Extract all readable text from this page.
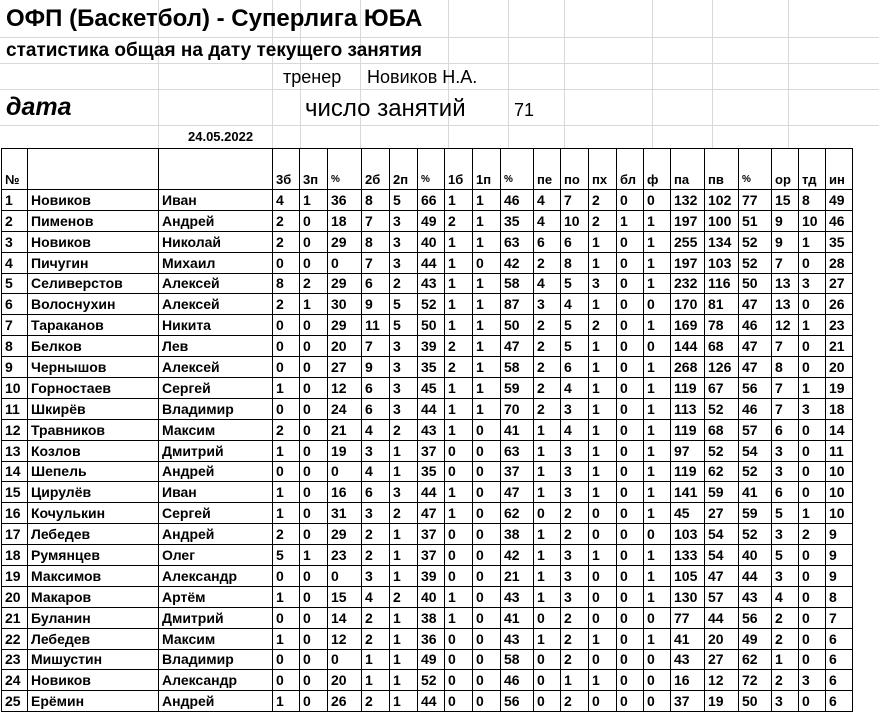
ОФП (Баскетбол) - Суперлига ЮБА
статистика общая на дату текущего занятия
тренер Новиков Н.А.
дата	число занятий	71
24.05.2022
№			3б	3п	%	2б	2п	%	1б	1п	%	пе	по	пх	бл	ф	па	пв	%	ор	тд	ин
1	Новиков	Иван	4	1	36	8	5	66	1	1	46	4	7	2	0	0	132	102	77	15	8	49
2	Пименов	Андрей	2	0	18	7	3	49	2	1	35	4	10	2	1	1	197	100	51	9	10	46
3	Новиков	Николай	2	0	29	8	3	40	1	1	63	6	6	1	0	1	255	134	52	9	1	35
4	Пичугин	Михаил	0	0	0	7	3	44	1	0	42	2	8	1	0	1	197	103	52	7	0	28
5	Селиверстов	Алексей	8	2	29	6	2	43	1	1	58	4	5	3	0	1	232	116	50	13	3	27
6	Волоснухин	Алексей	2	1	30	9	5	52	1	1	87	3	4	1	0	0	170	81	47	13	0	26
7	Тараканов	Никита	0	0	29	11	5	50	1	1	50	2	5	2	0	1	169	78	46	12	1	23
8	Белков	Лев	0	0	20	7	3	39	2	1	47	2	5	1	0	0	144	68	47	7	0	21
9	Чернышов	Алексей	0	0	27	9	3	35	2	1	58	2	6	1	0	1	268	126	47	8	0	20
10	Горностаев	Сергей	1	0	12	6	3	45	1	1	59	2	4	1	0	1	119	67	56	7	1	19
11	Шкирёв	Владимир	0	0	24	6	3	44	1	1	70	2	3	1	0	1	113	52	46	7	3	18
12	Травников	Максим	2	0	21	4	2	43	1	0	41	1	4	1	0	1	119	68	57	6	0	14
13	Козлов	Дмитрий	1	0	19	3	1	37	0	0	63	1	3	1	0	1	97	52	54	3	0	11
14	Шепель	Андрей	0	0	0	4	1	35	0	0	37	1	3	1	0	1	119	62	52	3	0	10
15	Цирулёв	Иван	1	0	16	6	3	44	1	0	47	1	3	1	0	1	141	59	41	6	0	10
16	Кочулькин	Сергей	1	0	31	3	2	47	1	0	62	0	2	0	0	1	45	27	59	5	1	10
17	Лебедев	Андрей	2	0	29	2	1	37	0	0	38	1	2	0	0	0	103	54	52	3	2	9
18	Румянцев	Олег	5	1	23	2	1	37	0	0	42	1	3	1	0	1	133	54	40	5	0	9
19	Максимов	Александр	0	0	0	3	1	39	0	0	21	1	3	0	0	1	105	47	44	3	0	9
20	Макаров	Артём	1	0	15	4	2	40	1	0	43	1	3	0	0	1	130	57	43	4	0	8
21	Буланин	Дмитрий	0	0	14	2	1	38	1	0	41	0	2	0	0	0	77	44	56	2	0	7
22	Лебедев	Максим	1	0	12	2	1	36	0	0	43	1	2	1	0	1	41	20	49	2	0	6
23	Мишустин	Владимир	0	0	0	1	1	49	0	0	58	0	2	0	0	0	43	27	62	1	0	6
24	Новиков	Александр	0	0	20	1	1	52	0	0	46	0	1	1	0	0	16	12	72	2	3	6
25	Ерёмин	Андрей	1	0	26	2	1	44	0	0	56	0	2	0	0	0	37	19	50	3	0	6
